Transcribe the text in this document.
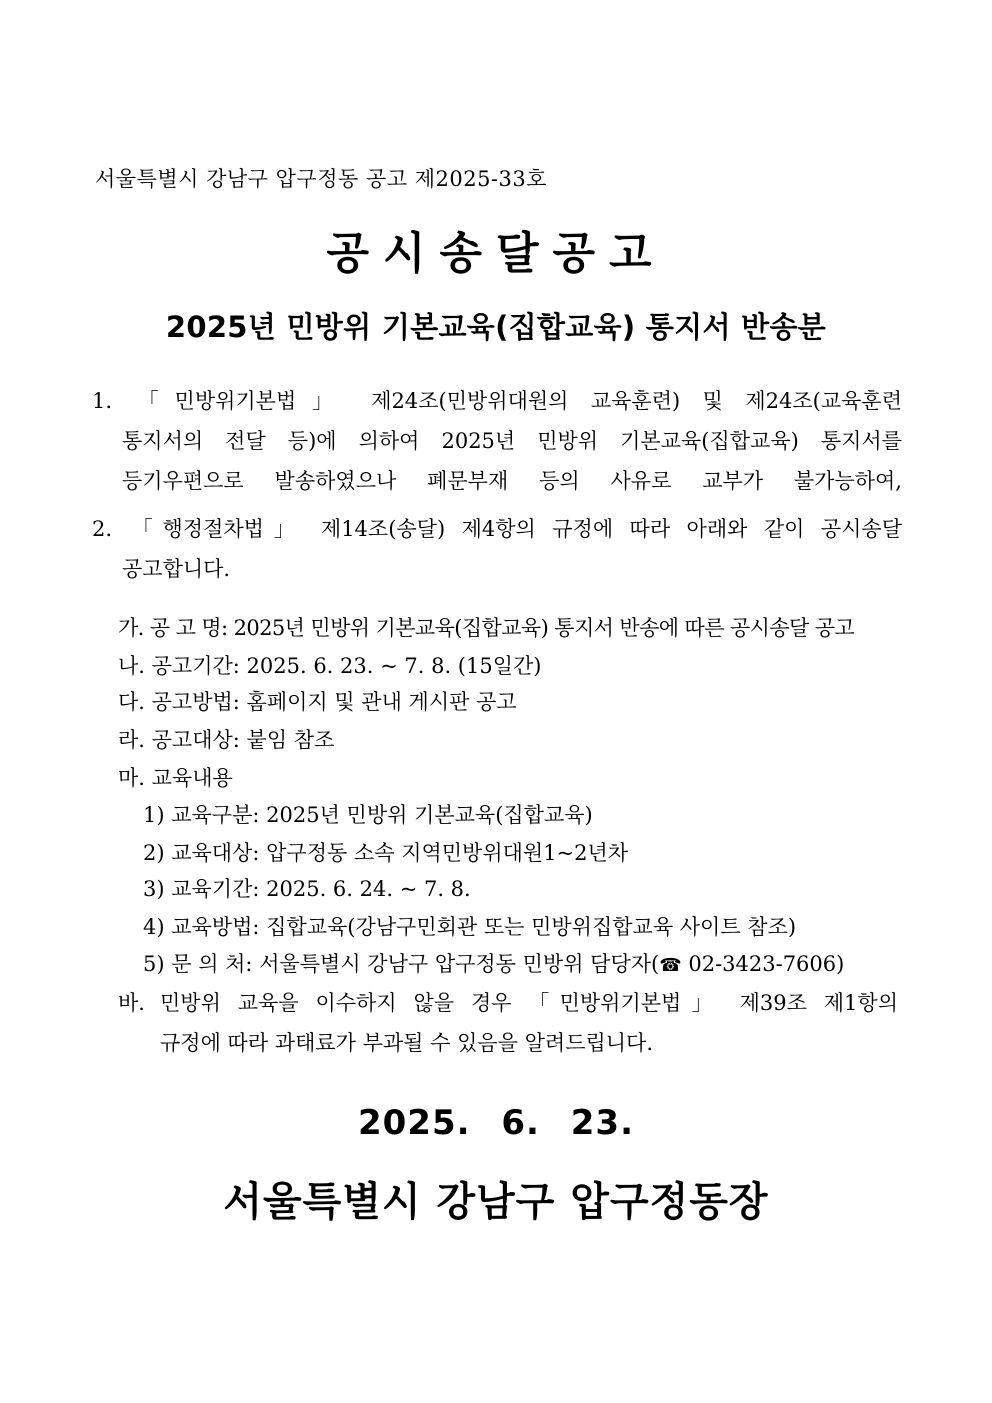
서울특별시 강남구 압구정동 공고 제2025-33호
공시송달공고
2025년 민방위 기본교육(집합교육) 통지서 반송분
1. 「민방위기본법」 제24조(민방위대원의 교육훈련) 및 제24조(교육훈련
통지서의 전달 등)에 의하여 2025년 민방위 기본교육(집합교육) 통지서를
등기우편으로 발송하였으나 폐문부재 등의 사유로 교부가 불가능하여,
2. 「행정절차법」 제14조(송달) 제4항의 규정에 따라 아래와 같이 공시송달
공고합니다.
가. 공 고 명: 2025년 민방위 기본교육(집합교육) 통지서 반송에 따른 공시송달 공고
나. 공고기간: 2025. 6. 23. ~ 7. 8. (15일간)
다. 공고방법: 홈페이지 및 관내 게시판 공고
라. 공고대상: 붙임 참조
마. 교육내용
1) 교육구분: 2025년 민방위 기본교육(집합교육)
2) 교육대상: 압구정동 소속 지역민방위대원1~2년차
3) 교육기간: 2025. 6. 24. ~ 7. 8.
4) 교육방법: 집합교육(강남구민회관 또는 민방위집합교육 사이트 참조)
5) 문 의 처: 서울특별시 강남구 압구정동 민방위 담당자(☎ 02-3423-7606)
바. 민방위 교육을 이수하지 않을 경우 「민방위기본법」 제39조 제1항의
규정에 따라 과태료가 부과될 수 있음을 알려드립니다.
2025. 6. 23.
서울특별시 강남구 압구정동장
